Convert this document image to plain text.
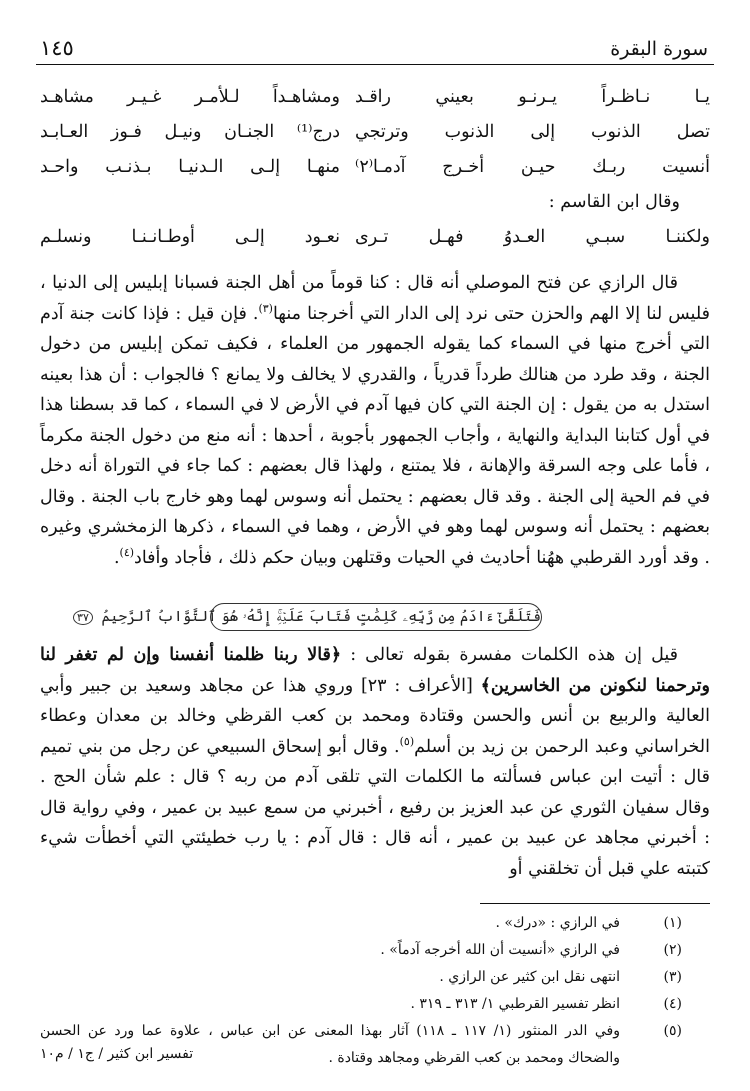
سورة البقرة
١٤٥
يـا نـاظـراً يـرنـو بعيني راقـد
ومشاهـداً لـلأمـر غـيـر مشاهـد
تصل الذنوب إلى الذنوب وترتجي
درج⁽¹⁾ الجنـان ونيـل فـوز العـابـد
أنسيت ربـك حيـن أخـرج آدمـا⁽٢⁾
منهـا إلـى الـدنيـا بـذنـب واحـد
وقال ابن القاسم :
ولكننـا سبـي العـدوُ فهـل تـرى
نعـود إلـى أوطـانـنـا ونسلـم

قال الرازي عن فتح الموصلي أنه قال : كنا قوماً من أهل الجنة فسبانا إبليس إلى الدنيا ، فليس لنا إلا الهم والحزن حتى نرد إلى الدار التي أخرجنا منها$^{(٣)}$. فإن قيل : فإذا كانت جنة آدم التي أخرج منها في السماء كما يقوله الجمهور من العلماء ، فكيف تمكن إبليس من دخول الجنة ، وقد طرد من هنالك طرداً قدرياً ، والقدري لا يخالف ولا يمانع ؟ فالجواب : أن هذا بعينه استدل به من يقول : إن الجنة التي كان فيها آدم في الأرض لا في السماء ، كما قد بسطنا هذا في أول كتابنا البداية والنهاية ، وأجاب الجمهور بأجوبة ، أحدها : أنه منع من دخول الجنة مكرماً ، فأما على وجه السرقة والإهانة ، فلا يمتنع ، ولهذا قال بعضهم : كما جاء في التوراة أنه دخل في فم الحية إلى الجنة . وقد قال بعضهم : يحتمل أنه وسوس لهما وهو خارج باب الجنة . وقال بعضهم : يحتمل أنه وسوس لهما وهو في الأرض ، وهما في السماء ، ذكرها الزمخشري وغيره . وقد أورد القرطبي ههُنا أحاديث في الحيات وقتلهن وبيان حكم ذلك ، فأجاد وأفاد$^{(٤)}$.

فَتَلَقَّىٰٓ ءَادَمُ مِن رَّبِّهِۦ كَلِمَٰتٍ فَتَابَ عَلَيۡهِۚ إِنَّهُۥ هُوَ ٱلتَّوَّابُ ٱلرَّحِيمُ ٣٧

قيل إن هذه الكلمات مفسرة بقوله تعالى : ﴿قالا ربنا ظلمنا أنفسنا وإن لم تغفر لنا وترحمنا لنكونن من الخاسرين﴾ [الأعراف : ٢٣] وروي هذا عن مجاهد وسعيد بن جبير وأبي العالية والربيع بن أنس والحسن وقتادة ومحمد بن كعب القرظي وخالد بن معدان وعطاء الخراساني وعبد الرحمن بن زيد بن أسلم$^{(٥)}$. وقال أبو إسحاق السبيعي عن رجل من بني تميم قال : أتيت ابن عباس فسألته ما الكلمات التي تلقى آدم من ربه ؟ قال : علم شأن الحج . وقال سفيان الثوري عن عبد العزيز بن رفيع ، أخبرني من سمع عبيد بن عمير ، وفي رواية قال : أخبرني مجاهد عن عبيد بن عمير ، أنه قال : قال آدم : يا رب خطيئتي التي أخطأت شيء كتبته علي قبل أن تخلقني أو

(١)
في الرازي : «درك» .
(٢)
في الرازي «أنسيت أن الله أخرجه آدماً» .
(٣)
انتهى نقل ابن كثير عن الرازي .
(٤)
انظر تفسير القرطبي ١/ ٣١٣ ـ ٣١٩ .
(٥)
وفي الدر المنثور (١/ ١١٧ ـ ١١٨) آثار بهذا المعنى عن ابن عباس ، علاوة عما ورد عن الحسن والضحاك ومحمد بن كعب القرظي ومجاهد وقتادة .
تفسير ابن كثير / ج١ / م١٠
